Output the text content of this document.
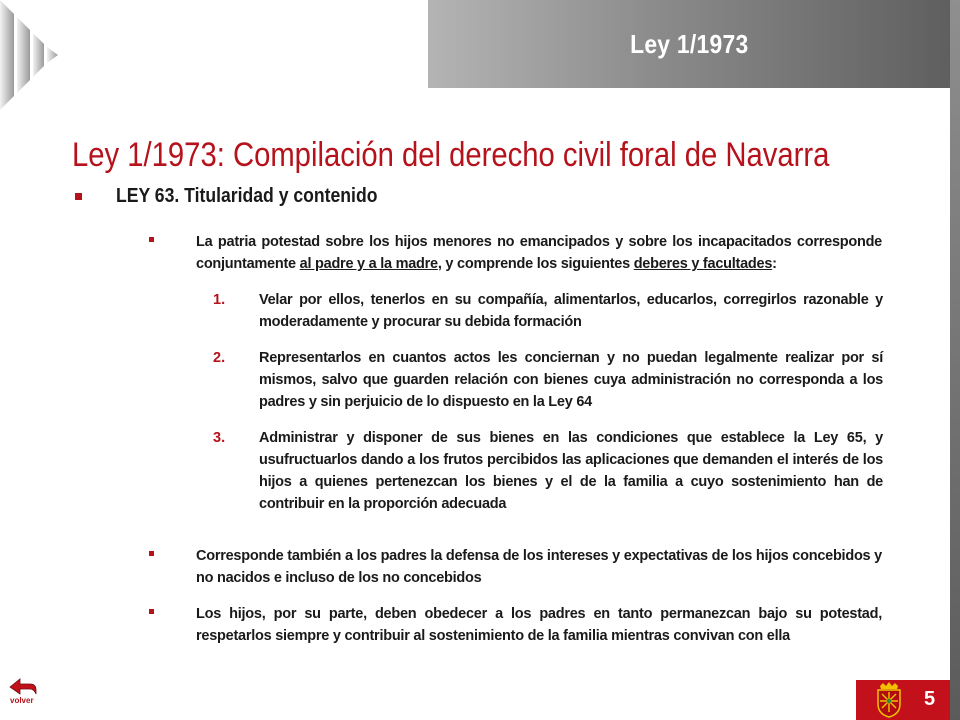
Ley 1/1973
Ley 1/1973: Compilación del derecho civil foral de Navarra
LEY 63. Titularidad y contenido
La patria potestad sobre los hijos menores no emancipados y sobre los incapacitados corresponde conjuntamente al padre y a la madre, y comprende los siguientes deberes y facultades:
1. Velar por ellos, tenerlos en su compañía, alimentarlos, educarlos, corregirlos razonable y moderadamente y procurar su debida formación
2. Representarlos en cuantos actos les conciernan y no puedan legalmente realizar por sí mismos, salvo que guarden relación con bienes cuya administración no corresponda a los padres y sin perjuicio de lo dispuesto en la Ley 64
3. Administrar y disponer de sus bienes en las condiciones que establece la Ley 65, y usufructuarlos dando a los frutos percibidos las aplicaciones que demanden el interés de los hijos a quienes pertenezcan los bienes y el de la familia a cuyo sostenimiento han de contribuir en la proporción adecuada
Corresponde también a los padres la defensa de los intereses y expectativas de los hijos concebidos y no nacidos e incluso de los no concebidos
Los hijos, por su parte, deben obedecer a los padres en tanto permanezcan bajo su potestad, respetarlos siempre y contribuir al sostenimiento de la familia mientras convivan con ella
volver	5
